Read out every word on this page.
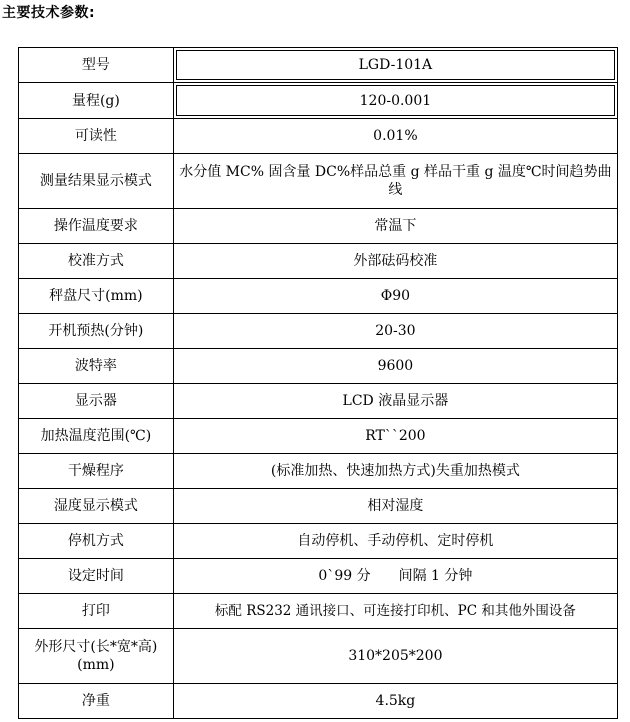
主要技术参数:
型号	LGD-101A
量程(g)	120-0.001
可读性	0.01%
测量结果显示模式	水分值 MC% 固含量 DC%样品总重 g 样品干重 g 温度℃时间趋势曲线
操作温度要求	常温下
校准方式	外部砝码校准
秤盘尺寸(mm)	Φ90
开机预热(分钟)	20-30
波特率	9600
显示器	LCD 液晶显示器
加热温度范围(℃)	RT``200
干燥程序	(标准加热、快速加热方式)失重加热模式
湿度显示模式	相对湿度
停机方式	自动停机、手动停机、定时停机
设定时间	0`99 分　　间隔 1 分钟
打印	标配 RS232 通讯接口、可连接打印机、PC 和其他外围设备
外形尺寸(长*宽*高)(mm)	310*205*200
净重	4.5kg
